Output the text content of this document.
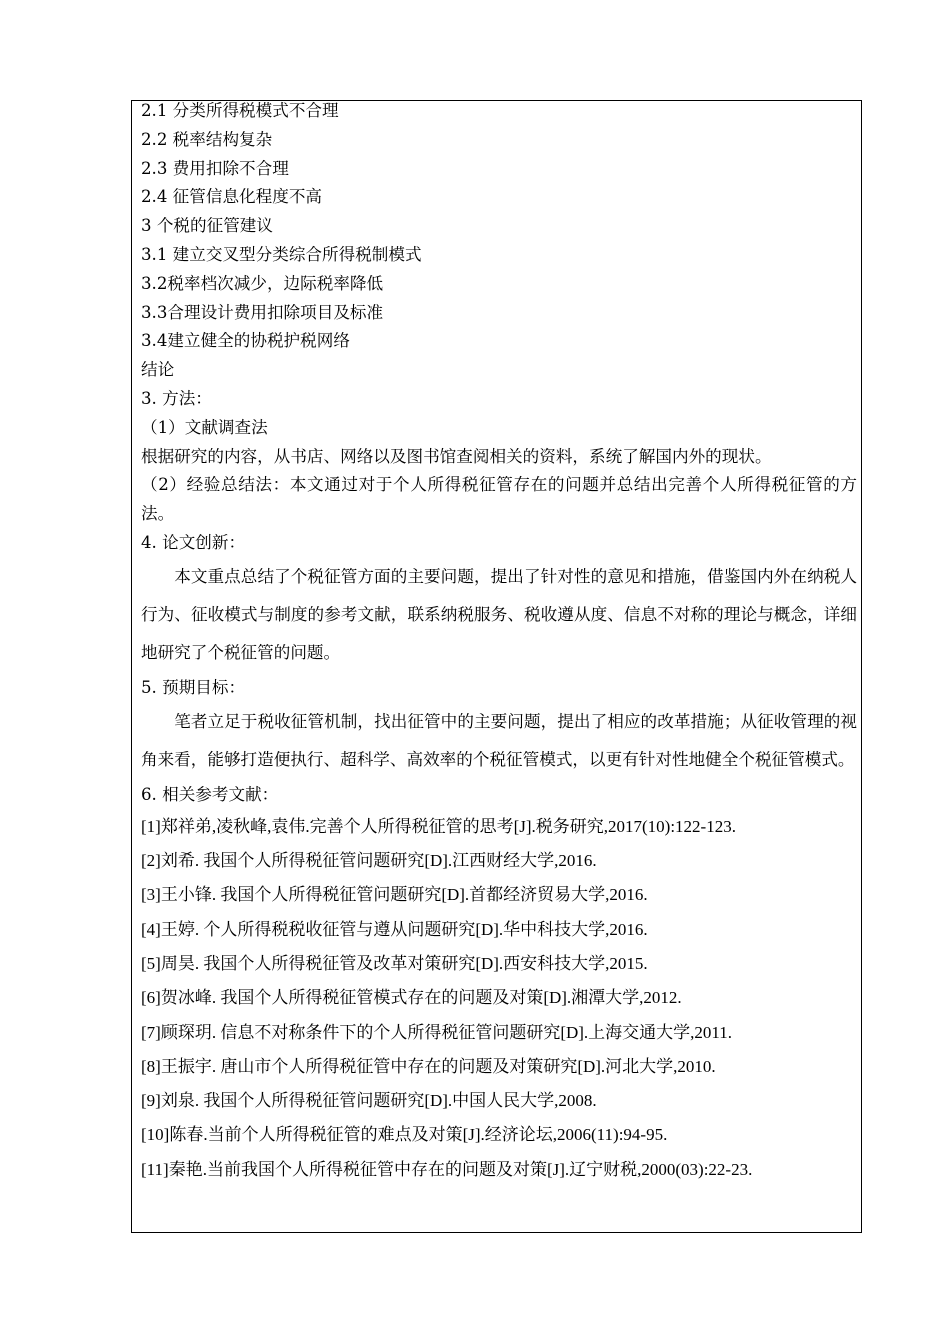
2.1 分类所得税模式不合理
2.2 税率结构复杂
2.3 费用扣除不合理
2.4 征管信息化程度不高
3 个税的征管建议
3.1 建立交叉型分类综合所得税制模式
3.2税率档次减少，边际税率降低
3.3合理设计费用扣除项目及标准
3.4建立健全的协税护税网络
结论
3. 方法：
（1）文献调查法
根据研究的内容，从书店、网络以及图书馆查阅相关的资料，系统了解国内外的现状。
（2）经验总结法：本文通过对于个人所得税征管存在的问题并总结出完善个人所得税征管的方法。
4. 论文创新：
本文重点总结了个税征管方面的主要问题，提出了针对性的意见和措施，借鉴国内外在纳税人行为、征收模式与制度的参考文献，联系纳税服务、税收遵从度、信息不对称的理论与概念，详细地研究了个税征管的问题。
5. 预期目标：
笔者立足于税收征管机制，找出征管中的主要问题，提出了相应的改革措施；从征收管理的视角来看，能够打造便执行、超科学、高效率的个税征管模式，以更有针对性地健全个税征管模式。
6. 相关参考文献：
[1]郑祥弟,凌秋峰,袁伟.完善个人所得税征管的思考[J].税务研究,2017(10):122-123.
[2]刘希. 我国个人所得税征管问题研究[D].江西财经大学,2016.
[3]王小锋. 我国个人所得税征管问题研究[D].首都经济贸易大学,2016.
[4]王婷. 个人所得税税收征管与遵从问题研究[D].华中科技大学,2016.
[5]周昊. 我国个人所得税征管及改革对策研究[D].西安科技大学,2015.
[6]贺冰峰. 我国个人所得税征管模式存在的问题及对策[D].湘潭大学,2012.
[7]顾琛玥. 信息不对称条件下的个人所得税征管问题研究[D].上海交通大学,2011.
[8]王振宇. 唐山市个人所得税征管中存在的问题及对策研究[D].河北大学,2010.
[9]刘泉. 我国个人所得税征管问题研究[D].中国人民大学,2008.
[10]陈春.当前个人所得税征管的难点及对策[J].经济论坛,2006(11):94-95.
[11]秦艳.当前我国个人所得税征管中存在的问题及对策[J].辽宁财税,2000(03):22-23.
